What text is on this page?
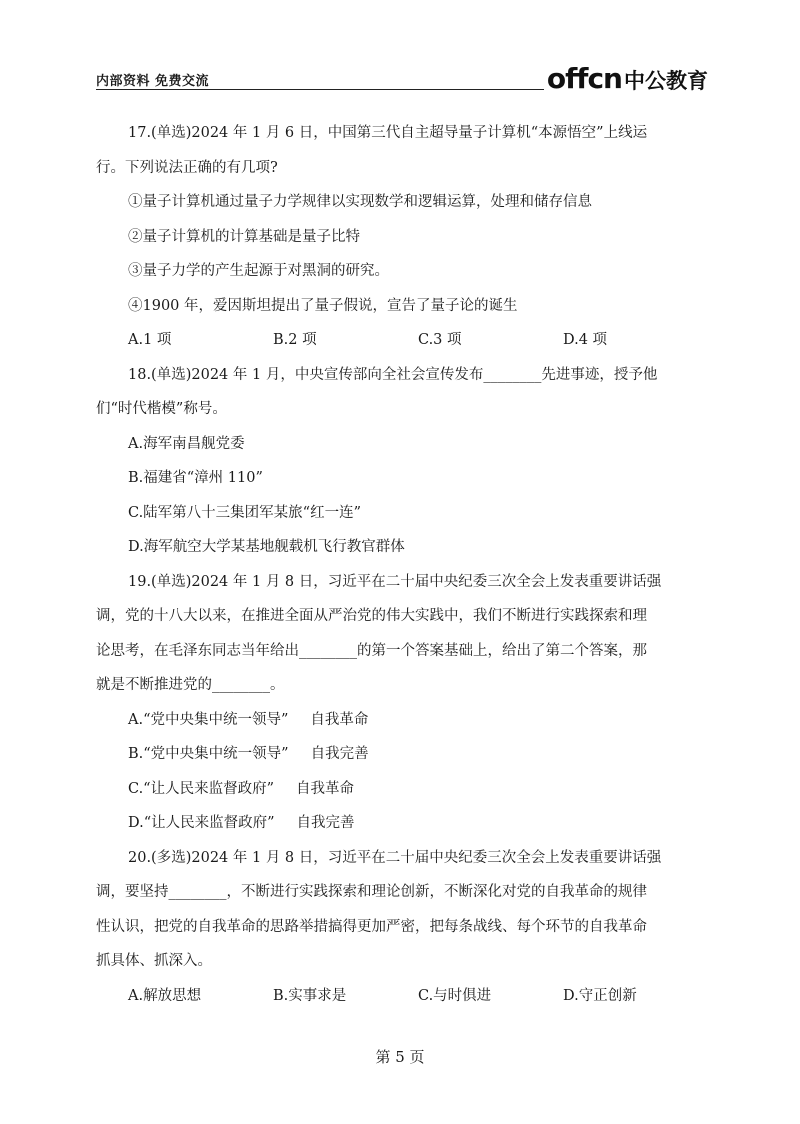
内部资料 免费交流	offcn 中公教育
17.(单选)2024 年 1 月 6 日，中国第三代自主超导量子计算机“本源悟空”上线运
行。下列说法正确的有几项?
①量子计算机通过量子力学规律以实现数学和逻辑运算，处理和储存信息
②量子计算机的计算基础是量子比特
③量子力学的产生起源于对黑洞的研究。
④1900 年，爱因斯坦提出了量子假说，宣告了量子论的诞生
A.1 项	B.2 项	C.3 项	D.4 项
18.(单选)2024 年 1 月，中央宣传部向全社会宣传发布________先进事迹，授予他
们“时代楷模”称号。
A.海军南昌舰党委
B.福建省“漳州 110”
C.陆军第八十三集团军某旅“红一连”
D.海军航空大学某基地舰载机飞行教官群体
19.(单选)2024 年 1 月 8 日，习近平在二十届中央纪委三次全会上发表重要讲话强
调，党的十八大以来，在推进全面从严治党的伟大实践中，我们不断进行实践探索和理
论思考，在毛泽东同志当年给出________的第一个答案基础上，给出了第二个答案，那
就是不断推进党的________。
A.“党中央集中统一领导” 自我革命
B.“党中央集中统一领导” 自我完善
C.“让人民来监督政府” 自我革命
D.“让人民来监督政府” 自我完善
20.(多选)2024 年 1 月 8 日，习近平在二十届中央纪委三次全会上发表重要讲话强
调，要坚持________，不断进行实践探索和理论创新，不断深化对党的自我革命的规律
性认识，把党的自我革命的思路举措搞得更加严密，把每条战线、每个环节的自我革命
抓具体、抓深入。
A.解放思想	B.实事求是	C.与时俱进	D.守正创新
第 5 页
